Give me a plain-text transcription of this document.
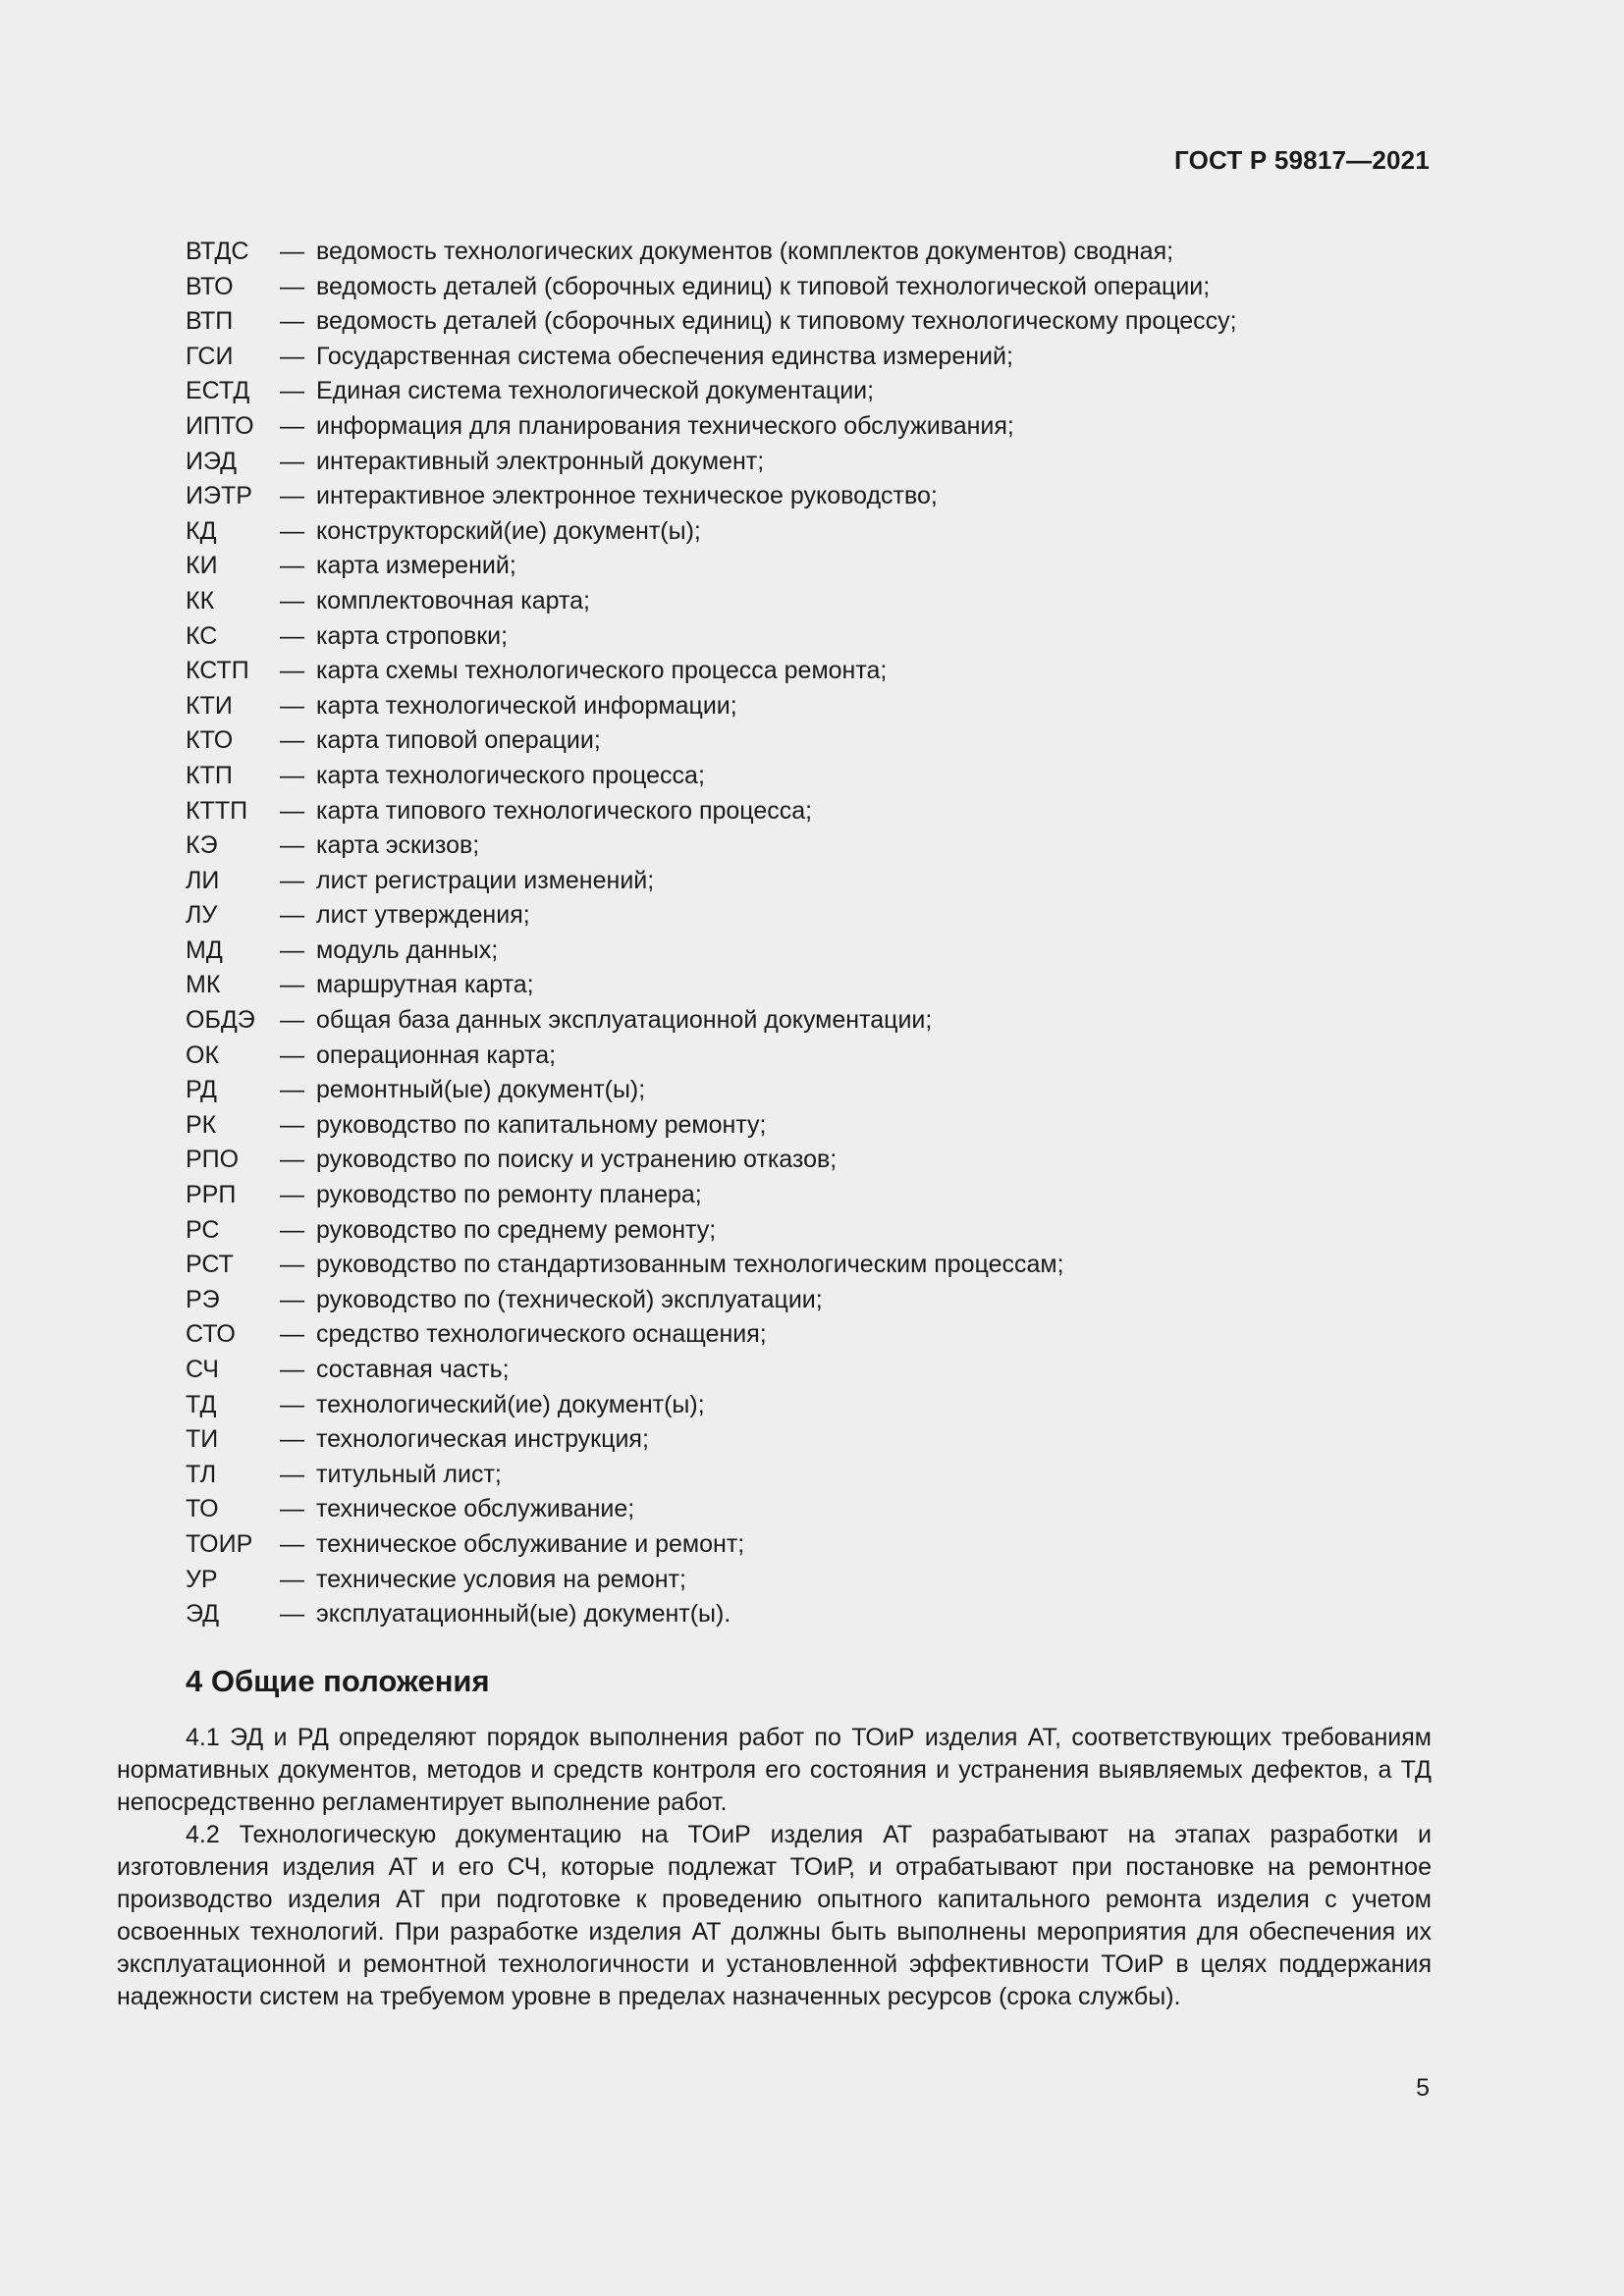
ГОСТ Р 59817—2021
ВТДС	— ведомость технологических документов (комплектов документов) сводная;
ВТО	— ведомость деталей (сборочных единиц) к типовой технологической операции;
ВТП	— ведомость деталей (сборочных единиц) к типовому технологическому процессу;
ГСИ	— Государственная система обеспечения единства измерений;
ЕСТД	— Единая система технологической документации;
ИПТО	— информация для планирования технического обслуживания;
ИЭД	— интерактивный электронный документ;
ИЭТР	— интерактивное электронное техническое руководство;
КД	— конструкторский(ие) документ(ы);
КИ	— карта измерений;
КК	— комплектовочная карта;
КС	— карта строповки;
КСТП	— карта схемы технологического процесса ремонта;
КТИ	— карта технологической информации;
КТО	— карта типовой операции;
КТП	— карта технологического процесса;
КТТП	— карта типового технологического процесса;
КЭ	— карта эскизов;
ЛИ	— лист регистрации изменений;
ЛУ	— лист утверждения;
МД	— модуль данных;
МК	— маршрутная карта;
ОБДЭ	— общая база данных эксплуатационной документации;
ОК	— операционная карта;
РД	— ремонтный(ые) документ(ы);
РК	— руководство по капитальному ремонту;
РПО	— руководство по поиску и устранению отказов;
РРП	— руководство по ремонту планера;
РС	— руководство по среднему ремонту;
РСТ	— руководство по стандартизованным технологическим процессам;
РЭ	— руководство по (технической) эксплуатации;
СТО	— средство технологического оснащения;
СЧ	— составная часть;
ТД	— технологический(ие) документ(ы);
ТИ	— технологическая инструкция;
ТЛ	— титульный лист;
ТО	— техническое обслуживание;
ТОИР	— техническое обслуживание и ремонт;
УР	— технические условия на ремонт;
ЭД	— эксплуатационный(ые) документ(ы).
4 Общие положения

4.1 ЭД и РД определяют порядок выполнения работ по ТОиР изделия АТ, соответствующих требованиям нормативных документов, методов и средств контроля его состояния и устранения выявляемых дефектов, а ТД непосредственно регламентирует выполнение работ.

4.2 Технологическую документацию на ТОиР изделия АТ разрабатывают на этапах разработки и изготовления изделия АТ и его СЧ, которые подлежат ТОиР, и отрабатывают при постановке на ремонтное производство изделия АТ при подготовке к проведению опытного капитального ремонта изделия с учетом освоенных технологий. При разработке изделия АТ должны быть выполнены мероприятия для обеспечения их эксплуатационной и ремонтной технологичности и установленной эффективности ТОиР в целях поддержания надежности систем на требуемом уровне в пределах назначенных ресурсов (срока службы).

5
